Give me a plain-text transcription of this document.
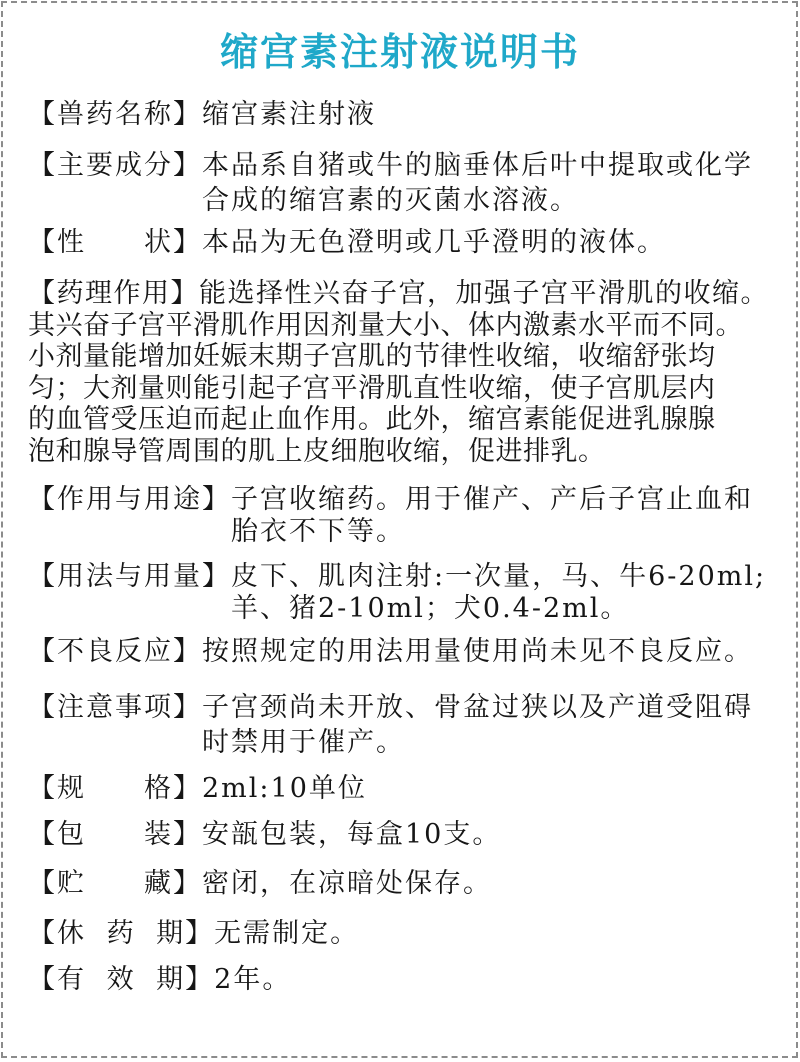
缩宫素注射液说明书
【兽药名称】 缩宫素注射液
【主要成分】 本品系自猪或牛的脑垂体后叶中提取或化学
合成的缩宫素的灭菌水溶液。
【性　　状】 本品为无色澄明或几乎澄明的液体。
【药理作用】 能选择性兴奋子宫，加强子宫平滑肌的收缩。
其兴奋子宫平滑肌作用因剂量大小、体内激素水平而不同。
小剂量能增加妊娠末期子宫肌的节律性收缩，收缩舒张均
匀；大剂量则能引起子宫平滑肌直性收缩，使子宫肌层内
的血管受压迫而起止血作用。此外，缩宫素能促进乳腺腺
泡和腺导管周围的肌上皮细胞收缩，促进排乳。
【作用与用途】 子宫收缩药。用于催产、产后子宫止血和
胎衣不下等。
【用法与用量】 皮下、肌肉注射:一次量，马、牛6-20ml;
羊、猪2-10ml；犬0.4-2ml。
【不良反应】 按照规定的用法用量使用尚未见不良反应。
【注意事项】 子宫颈尚未开放、骨盆过狭以及产道受阻碍
时禁用于催产。
【规　　格】 2ml:10单位
【包　　装】 安瓿包装，每盒10支。
【贮　　藏】 密闭，在凉暗处保存。
【休 药 期】 无需制定。
【有 效 期】 2年。
